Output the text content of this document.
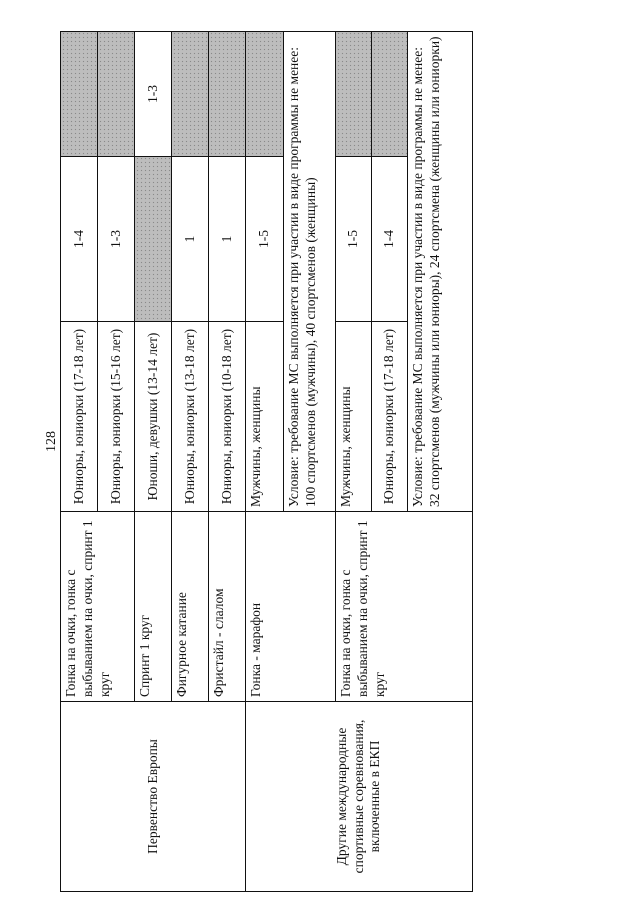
128
Первенство Европы	Гонка на очки, гонка с выбыванием на очки, спринт 1 круг	Юниоры, юниорки (17-18 лет)	1-4	
		Юниоры, юниорки (15-16 лет)	1-3	
	Спринт 1 круг	Юноши, девушки (13-14 лет)		1-3
	Фигурное катание	Юниоры, юниорки (13-18 лет)	1	
	Фристайл - слалом	Юниоры, юниорки (10-18 лет)	1	
Другие международные спортивные соревнования, включенные в ЕКП	Гонка - марафон	Мужчины, женщины	1-5	
		Условие: требование МС выполняется при участии в виде программы не менее: 100 спортсменов (мужчины), 40 спортсменов (женщины)		
	Гонка на очки, гонка с выбыванием на очки, спринт 1 круг	Мужчины, женщины	1-5	
		Юниоры, юниорки (17-18 лет)	1-4	
		Условие: требование МС выполняется при участии в виде программы не менее: 32 спортсменов (мужчины или юниоры), 24 спортсмена (женщины или юниорки)		
